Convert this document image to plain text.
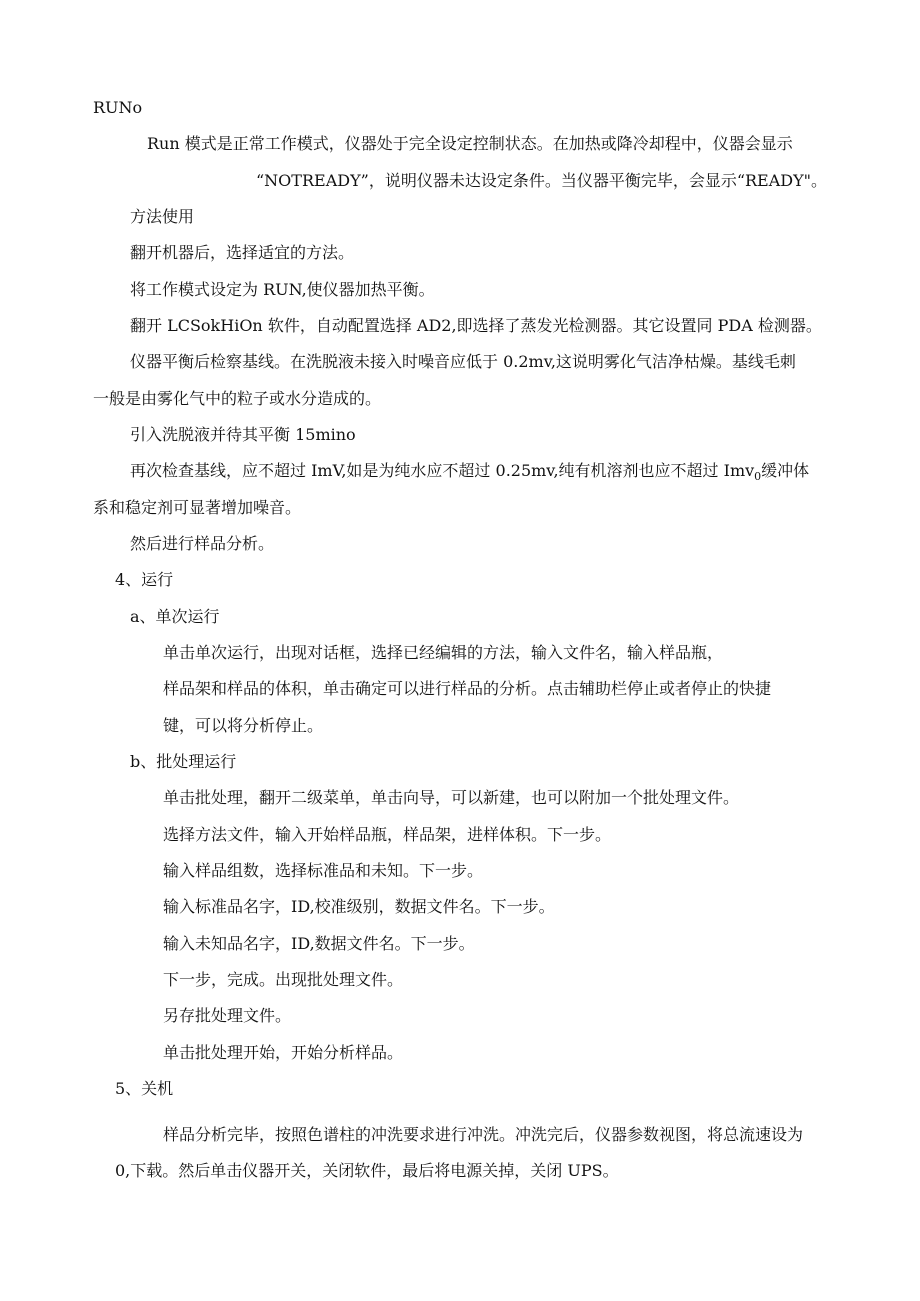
RUNo
Run 模式是正常工作模式，仪器处于完全设定控制状态。在加热或降冷却程中，仪器会显示
“NOTREADY”，说明仪器未达设定条件。当仪器平衡完毕，会显示“READY"。
方法使用
翻开机器后，选择适宜的方法。
将工作模式设定为 RUN,使仪器加热平衡。
翻开 LCSokHiOn 软件，自动配置选择 AD2,即选择了蒸发光检测器。其它设置同 PDA 检测器。
仪器平衡后检察基线。在洗脱液未接入时噪音应低于 0.2mv,这说明雾化气洁净枯燥。基线毛刺
一般是由雾化气中的粒子或水分造成的。
引入洗脱液并待其平衡 15mino
再次检查基线，应不超过 ImV,如是为纯水应不超过 0.25mv,纯有机溶剂也应不超过 Imv$_0$缓冲体
系和稳定剂可显著增加噪音。
然后进行样品分析。
4、运行
a、单次运行
单击单次运行，出现对话框，选择已经编辑的方法，输入文件名，输入样品瓶，
样品架和样品的体积，单击确定可以进行样品的分析。点击辅助栏停止或者停止的快捷
键，可以将分析停止。
b、批处理运行
单击批处理，翻开二级菜单，单击向导，可以新建，也可以附加一个批处理文件。
选择方法文件，输入开始样品瓶，样品架，进样体积。下一步。
输入样品组数，选择标准品和未知。下一步。
输入标准品名字，ID,校准级别，数据文件名。下一步。
输入未知品名字，ID,数据文件名。下一步。
下一步，完成。出现批处理文件。
另存批处理文件。
单击批处理开始，开始分析样品。
5、关机
样品分析完毕，按照色谱柱的冲洗要求进行冲洗。冲洗完后，仪器参数视图，将总流速设为
0,下载。然后单击仪器开关，关闭软件，最后将电源关掉，关闭 UPS。
